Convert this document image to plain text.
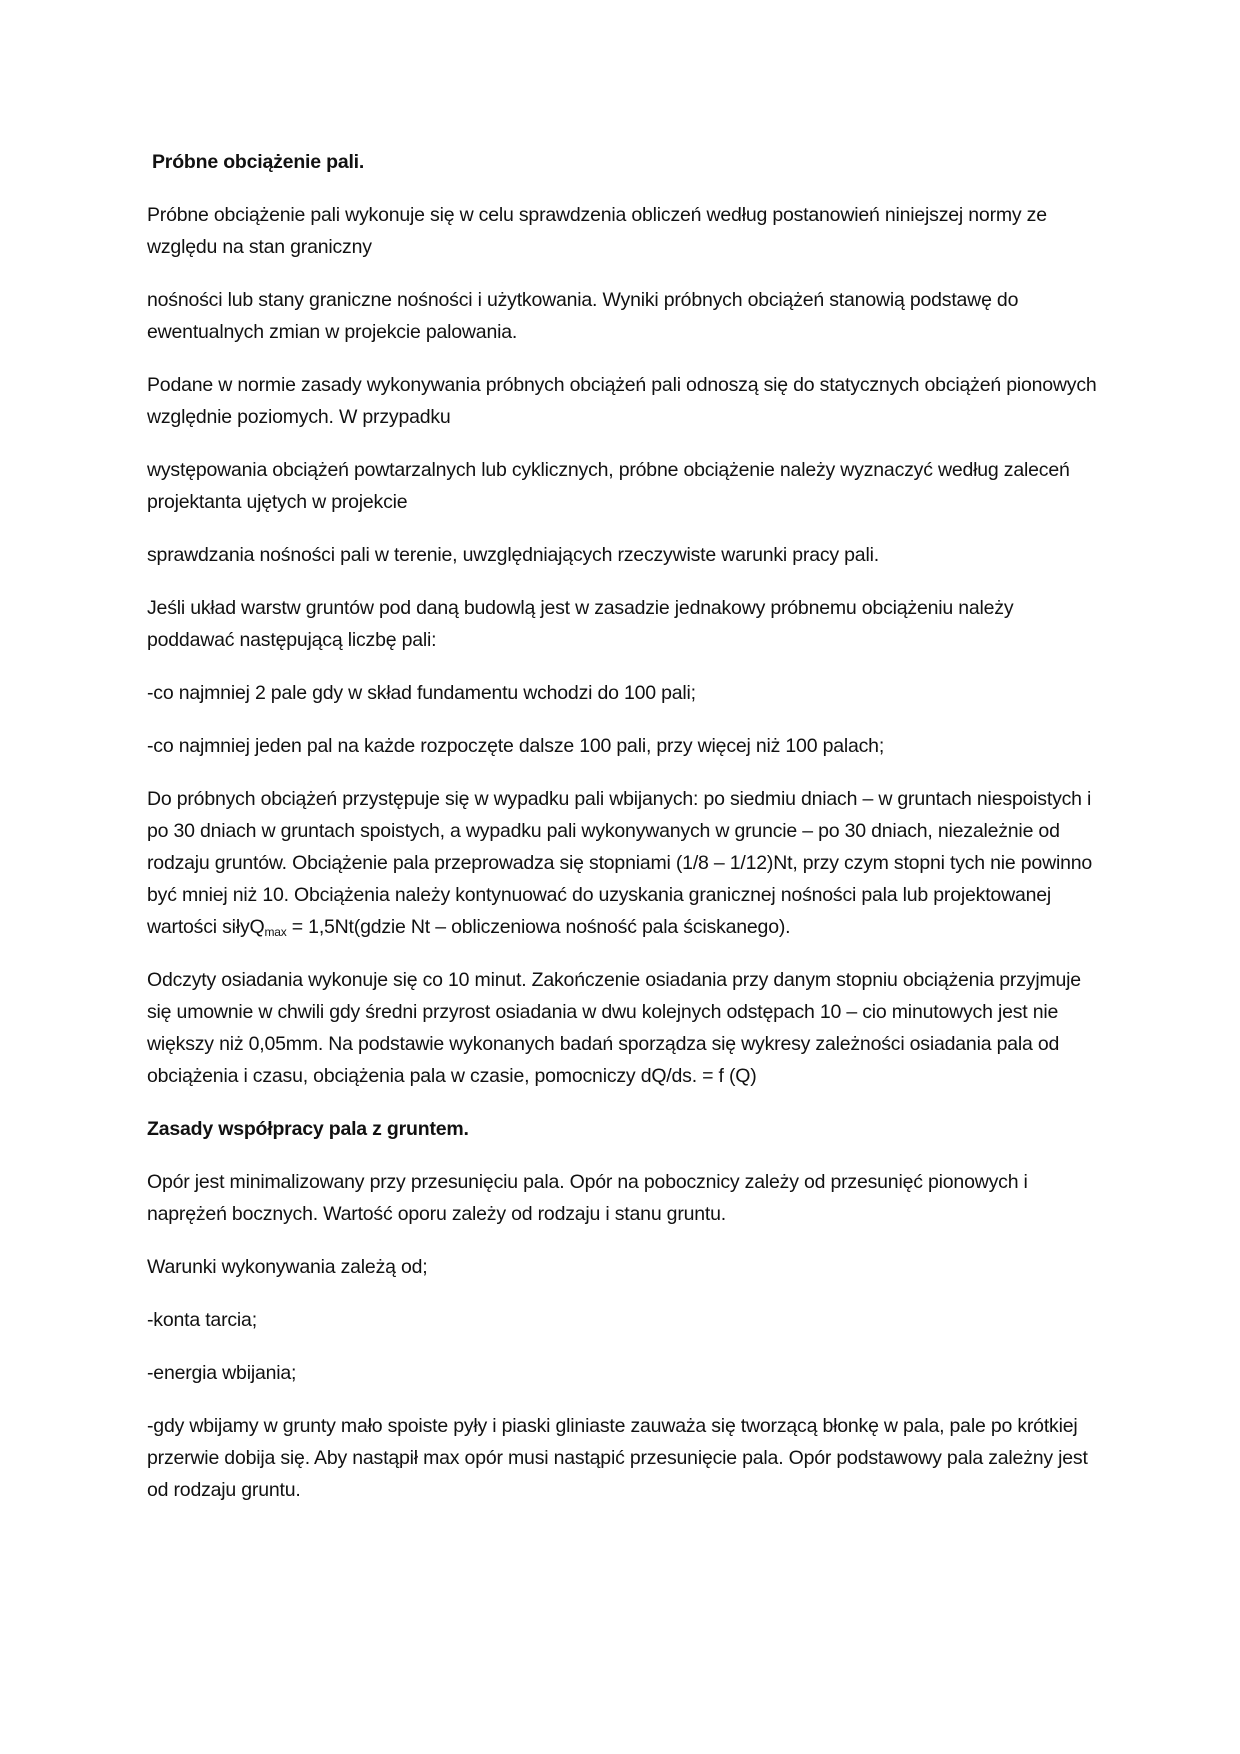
Próbne obciążenie pali.

Próbne obciążenie pali wykonuje się w celu sprawdzenia obliczeń według postanowień niniejszej normy ze względu na stan graniczny

nośności lub stany graniczne nośności i użytkowania. Wyniki próbnych obciążeń stanowią podstawę do ewentualnych zmian w projekcie palowania.

Podane w normie zasady wykonywania próbnych obciążeń pali odnoszą się do statycznych obciążeń pionowych względnie poziomych. W przypadku

występowania obciążeń powtarzalnych lub cyklicznych, próbne obciążenie należy wyznaczyć według zaleceń projektanta ujętych w projekcie

sprawdzania nośności pali w terenie, uwzględniających rzeczywiste warunki pracy pali.

Jeśli układ warstw gruntów pod daną budowlą jest w zasadzie jednakowy próbnemu obciążeniu należy poddawać następującą liczbę pali:

-co najmniej 2 pale gdy w skład fundamentu wchodzi do 100 pali;

-co najmniej jeden pal na każde rozpoczęte dalsze 100 pali, przy więcej niż 100 palach;

Do próbnych obciążeń przystępuje się w wypadku pali wbijanych: po siedmiu dniach – w gruntach niespoistych i po 30 dniach w gruntach spoistych, a wypadku pali wykonywanych w gruncie – po 30 dniach, niezależnie od rodzaju gruntów. Obciążenie pala przeprowadza się stopniami (1/8 – 1/12)Nt, przy czym stopni tych nie powinno być mniej niż 10. Obciążenia należy kontynuować do uzyskania granicznej nośności pala lub projektowanej wartości siłyQ$_{max}$ = 1,5Nt(gdzie Nt – obliczeniowa nośność pala ściskanego).

Odczyty osiadania wykonuje się co 10 minut. Zakończenie osiadania przy danym stopniu obciążenia przyjmuje się umownie w chwili gdy średni przyrost osiadania w dwu kolejnych odstępach 10 – cio minutowych jest nie większy niż 0,05mm. Na podstawie wykonanych badań sporządza się wykresy zależności osiadania pala od obciążenia i czasu, obciążenia pala w czasie, pomocniczy dQ/ds. = f (Q)

Zasady współpracy pala z gruntem.

Opór jest minimalizowany przy przesunięciu pala. Opór na pobocznicy zależy od przesunięć pionowych i naprężeń bocznych. Wartość oporu zależy od rodzaju i stanu gruntu.

Warunki wykonywania zależą od;

-konta tarcia;

-energia wbijania;

-gdy wbijamy w grunty mało spoiste pyły i piaski gliniaste zauważa się tworzącą błonkę w pala, pale po krótkiej przerwie dobija się. Aby nastąpił max opór musi nastąpić przesunięcie pala. Opór podstawowy pala zależny jest od rodzaju gruntu.
